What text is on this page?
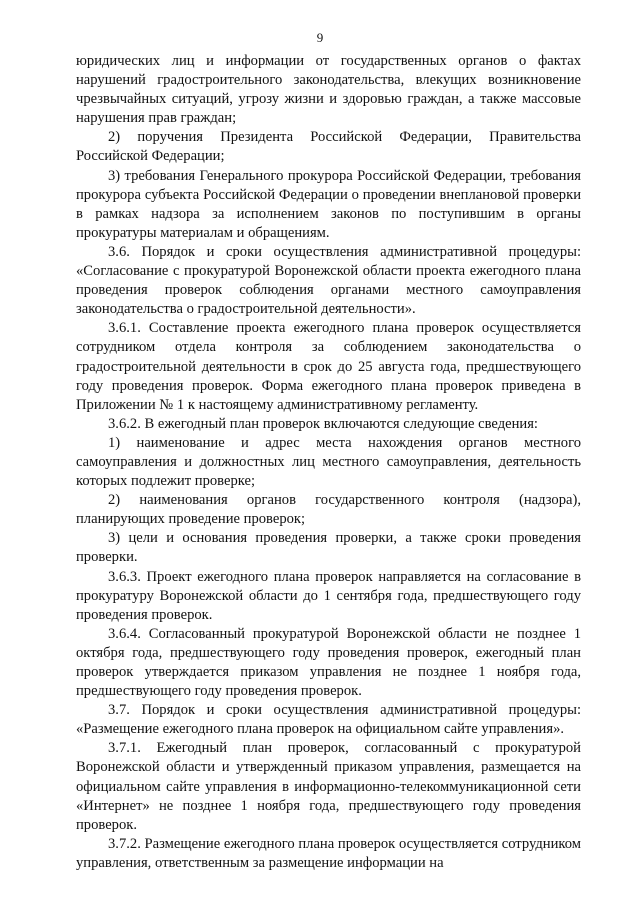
9

юридических лиц и информации от государственных органов о фактах нарушений градостроительного законодательства, влекущих возникновение чрезвычайных ситуаций, угрозу жизни и здоровью граждан, а также массовые нарушения прав граждан;

2) поручения Президента Российской Федерации, Правительства Российской Федерации;

3) требования Генерального прокурора Российской Федерации, требования прокурора субъекта Российской Федерации о проведении внеплановой проверки в рамках надзора за исполнением законов по поступившим в органы прокуратуры материалам и обращениям.

3.6. Порядок и сроки осуществления административной процедуры: «Согласование с прокуратурой Воронежской области проекта ежегодного плана проведения проверок соблюдения органами местного самоуправления законодательства о градостроительной деятельности».

3.6.1. Составление проекта ежегодного плана проверок осуществляется сотрудником отдела контроля за соблюдением законодательства о градостроительной деятельности в срок до 25 августа года, предшествующего году проведения проверок. Форма ежегодного плана проверок приведена в Приложении № 1 к настоящему административному регламенту.

3.6.2. В ежегодный план проверок включаются следующие сведения:

1) наименование и адрес места нахождения органов местного самоуправления и должностных лиц местного самоуправления, деятельность которых подлежит проверке;

2) наименования органов государственного контроля (надзора), планирующих проведение проверок;

3) цели и основания проведения проверки, а также сроки проведения проверки.

3.6.3. Проект ежегодного плана проверок направляется на согласование в прокуратуру Воронежской области до 1 сентября года, предшествующего году проведения проверок.

3.6.4. Согласованный прокуратурой Воронежской области не позднее 1 октября года, предшествующего году проведения проверок, ежегодный план проверок утверждается приказом управления не позднее 1 ноября года, предшествующего году проведения проверок.

3.7. Порядок и сроки осуществления административной процедуры: «Размещение ежегодного плана проверок на официальном сайте управления».

3.7.1. Ежегодный план проверок, согласованный с прокуратурой Воронежской области и утвержденный приказом управления, размещается на официальном сайте управления в информационно-телекоммуникационной сети «Интернет» не позднее 1 ноября года, предшествующего году проведения проверок.

3.7.2. Размещение ежегодного плана проверок осуществляется сотрудником управления, ответственным за размещение информации на
